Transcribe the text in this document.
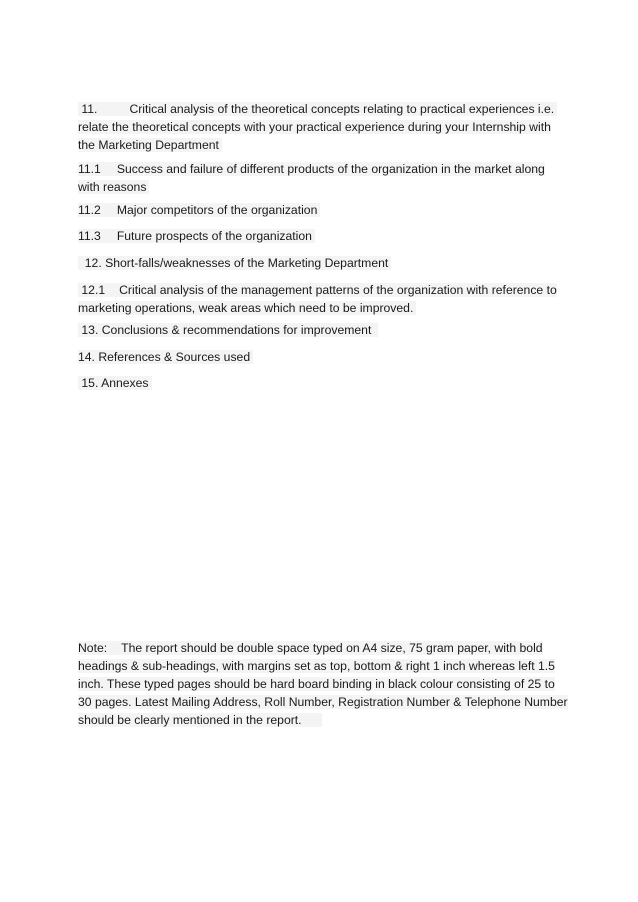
11.	Critical analysis of the theoretical concepts relating to practical experiences i.e. relate the theoretical concepts with your practical experience during your Internship with the Marketing Department

11.1 Success and failure of different products of the organization in the market along with reasons

11.2 Major competitors of the organization

11.3 Future prospects of the organization

12. Short-falls/weaknesses of the Marketing Department

12.1 Critical analysis of the management patterns of the organization with reference to marketing operations, weak areas which need to be improved.

13. Conclusions & recommendations for improvement

14. References & Sources used

15. Annexes

Note: The report should be double space typed on A4 size, 75 gram paper, with bold headings & sub-headings, with margins set as top, bottom & right 1 inch whereas left 1.5 inch. These typed pages should be hard board binding in black colour consisting of 25 to 30 pages. Latest Mailing Address, Roll Number, Registration Number & Telephone Number should be clearly mentioned in the report.
